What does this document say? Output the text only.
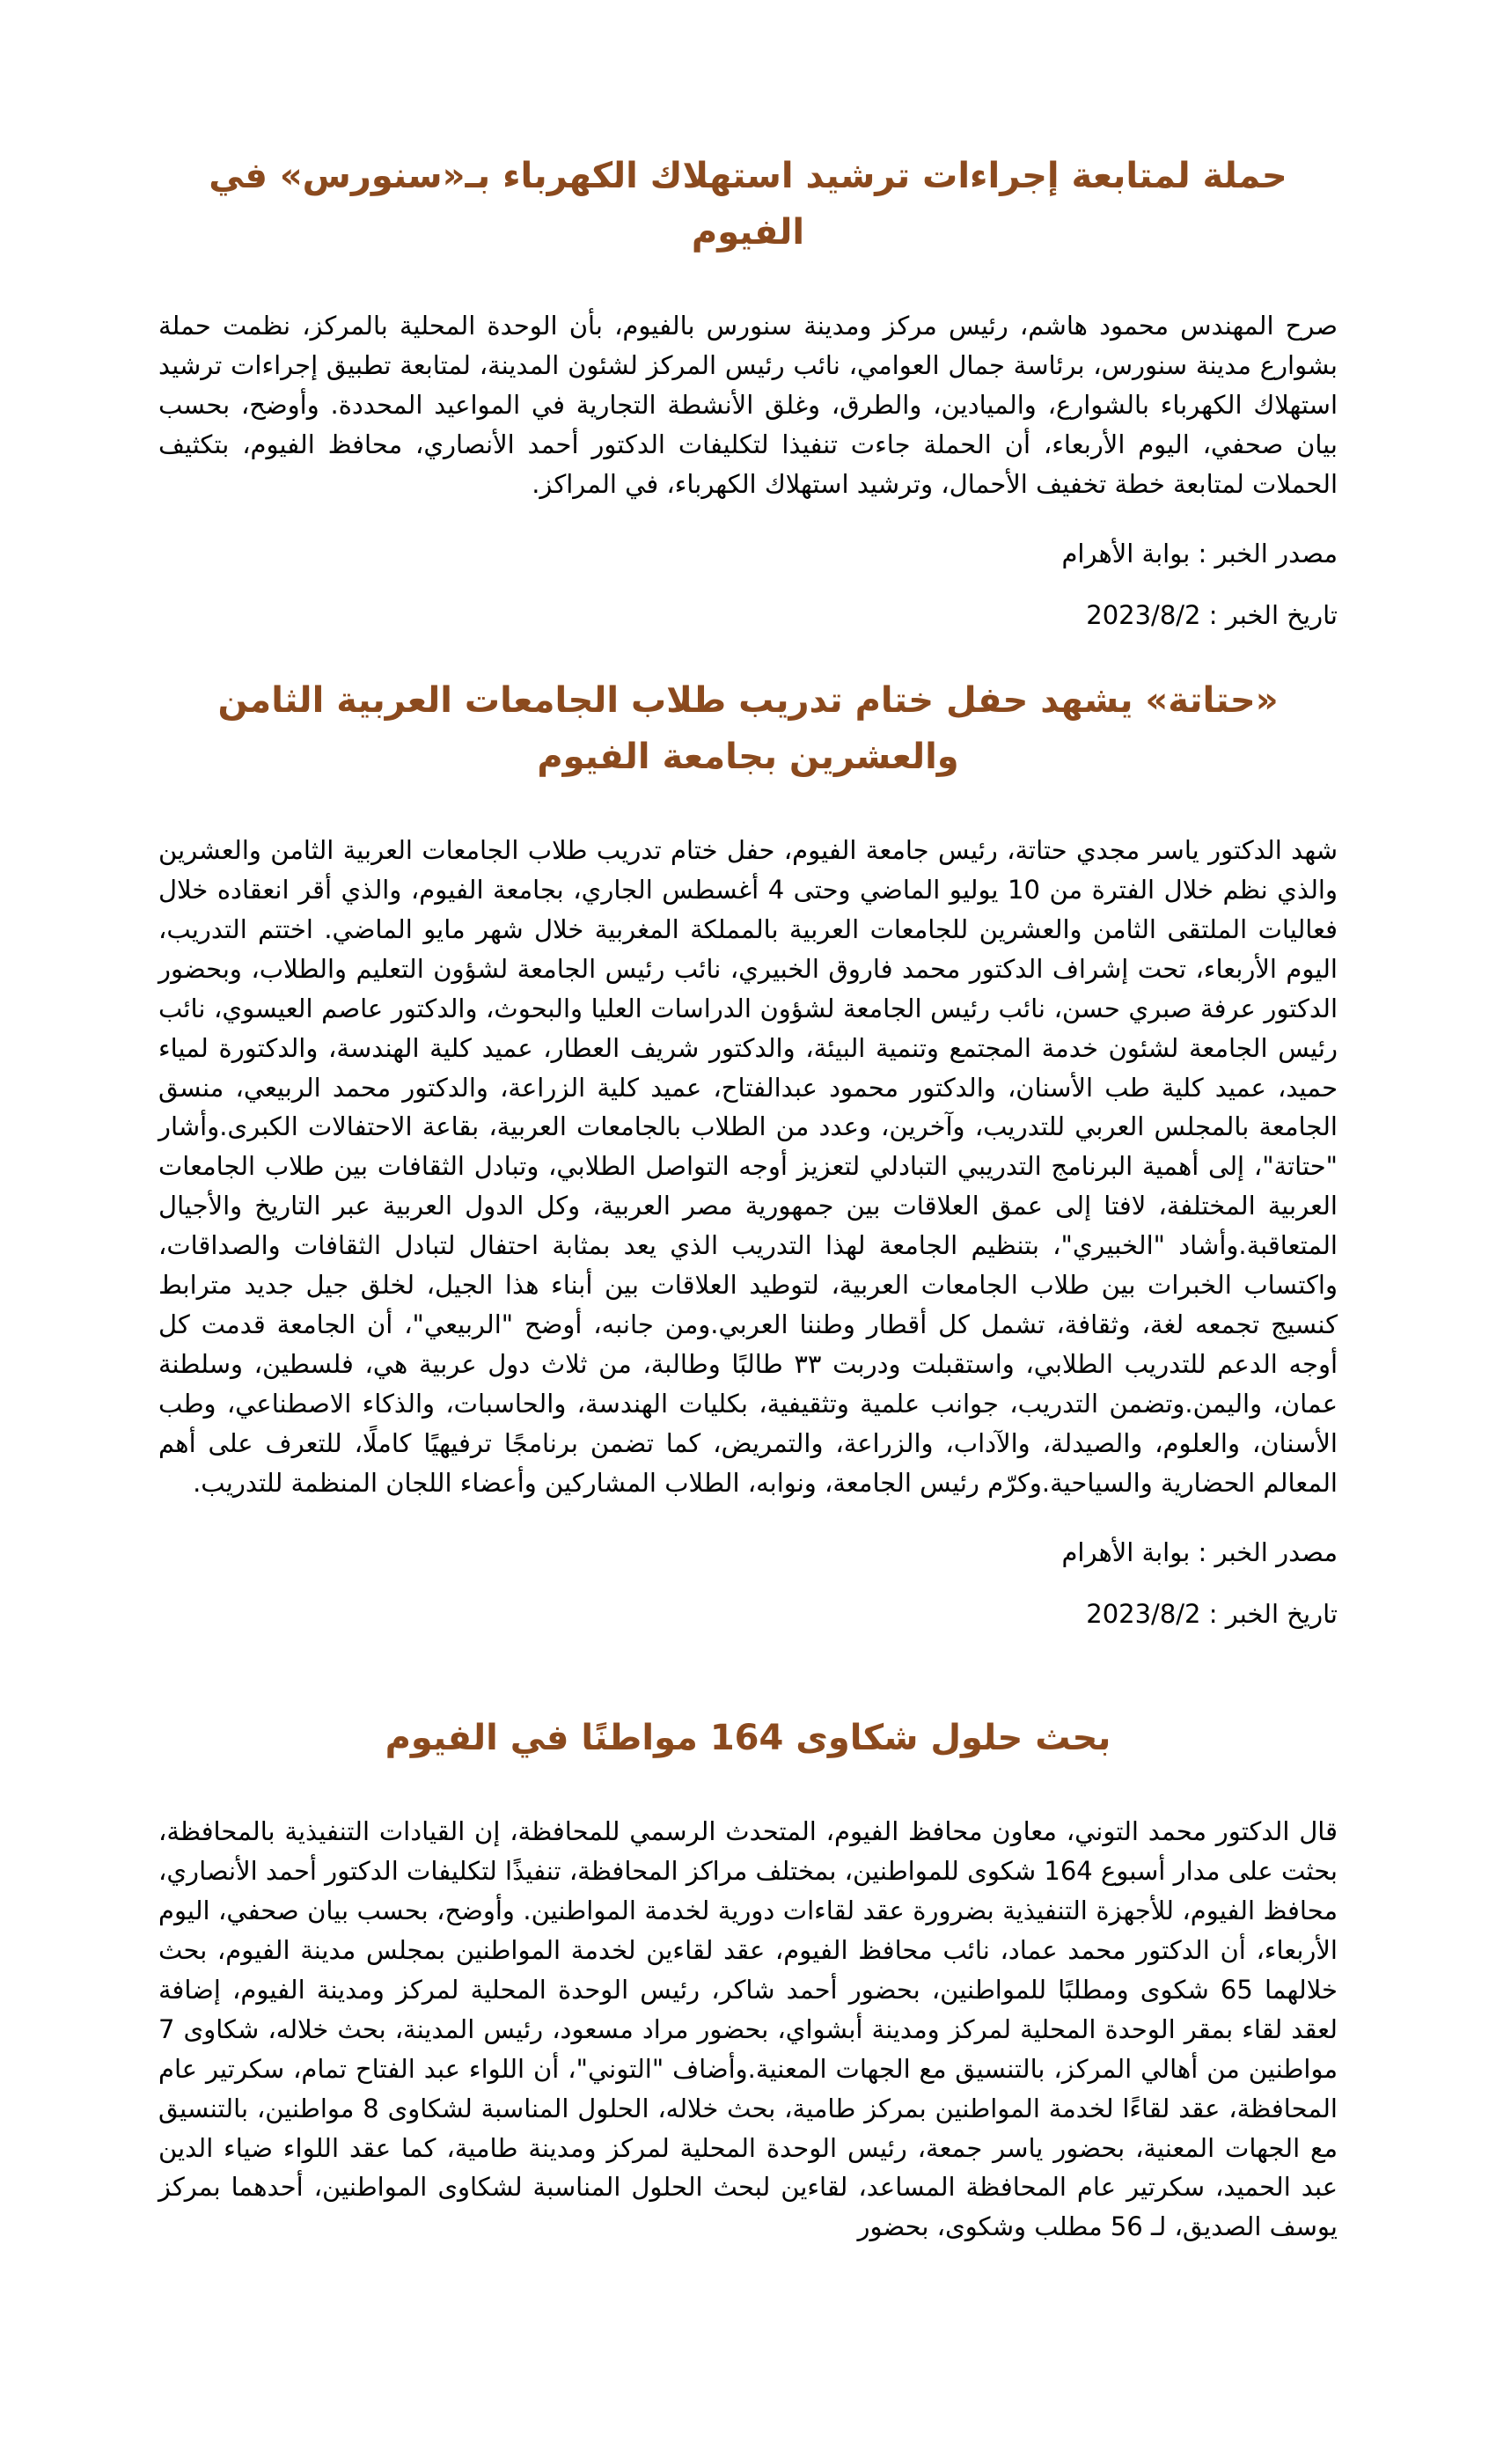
حملة لمتابعة إجراءات ترشيد استهلاك الكهرباء بـ«سنورس» في الفيوم

صرح المهندس محمود هاشم، رئيس مركز ومدينة سنورس بالفيوم، بأن الوحدة المحلية بالمركز، نظمت حملة بشوارع مدينة سنورس، برئاسة جمال العوامي، نائب رئيس المركز لشئون المدينة، لمتابعة تطبيق إجراءات ترشيد استهلاك الكهرباء بالشوارع، والميادين، والطرق، وغلق الأنشطة التجارية في المواعيد المحددة. وأوضح، بحسب بيان صحفي، اليوم الأربعاء، أن الحملة جاءت تنفيذا لتكليفات الدكتور أحمد الأنصاري، محافظ الفيوم، بتكثيف الحملات لمتابعة خطة تخفيف الأحمال، وترشيد استهلاك الكهرباء، في المراكز.

مصدر الخبر : بوابة الأهرام

تاريخ الخبر : 2023/8/2

«حتاتة» يشهد حفل ختام تدريب طلاب الجامعات العربية الثامن والعشرين بجامعة الفيوم

شهد الدكتور ياسر مجدي حتاتة، رئيس جامعة الفيوم، حفل ختام تدريب طلاب الجامعات العربية الثامن والعشرين والذي نظم خلال الفترة من 10 يوليو الماضي وحتى 4 أغسطس الجاري، بجامعة الفيوم، والذي أقر انعقاده خلال فعاليات الملتقى الثامن والعشرين للجامعات العربية بالمملكة المغربية خلال شهر مايو الماضي. اختتم التدريب، اليوم الأربعاء، تحت إشراف الدكتور محمد فاروق الخبيري، نائب رئيس الجامعة لشؤون التعليم والطلاب، وبحضور الدكتور عرفة صبري حسن، نائب رئيس الجامعة لشؤون الدراسات العليا والبحوث، والدكتور عاصم العيسوي، نائب رئيس الجامعة لشئون خدمة المجتمع وتنمية البيئة، والدكتور شريف العطار، عميد كلية الهندسة، والدكتورة لمياء حميد، عميد كلية طب الأسنان، والدكتور محمود عبدالفتاح، عميد كلية الزراعة، والدكتور محمد الربيعي، منسق الجامعة بالمجلس العربي للتدريب، وآخرين، وعدد من الطلاب بالجامعات العربية، بقاعة الاحتفالات الكبرى.وأشار "حتاتة"، إلى أهمية البرنامج التدريبي التبادلي لتعزيز أوجه التواصل الطلابي، وتبادل الثقافات بين طلاب الجامعات العربية المختلفة، لافتا إلى عمق العلاقات بين جمهورية مصر العربية، وكل الدول العربية عبر التاريخ والأجيال المتعاقبة.وأشاد "الخبيري"، بتنظيم الجامعة لهذا التدريب الذي يعد بمثابة احتفال لتبادل الثقافات والصداقات، واكتساب الخبرات بين طلاب الجامعات العربية، لتوطيد العلاقات بين أبناء هذا الجيل، لخلق جيل جديد مترابط كنسيج تجمعه لغة، وثقافة، تشمل كل أقطار وطننا العربي.ومن جانبه، أوضح "الربيعي"، أن الجامعة قدمت كل أوجه الدعم للتدريب الطلابي، واستقبلت ودربت ٣٣ طالبًا وطالبة، من ثلاث دول عربية هي، فلسطين، وسلطنة عمان، واليمن.وتضمن التدريب، جوانب علمية وتثقيفية، بكليات الهندسة، والحاسبات، والذكاء الاصطناعي، وطب الأسنان، والعلوم، والصيدلة، والآداب، والزراعة، والتمريض، كما تضمن برنامجًا ترفيهيًا كاملًا، للتعرف على أهم المعالم الحضارية والسياحية.وكرّم رئيس الجامعة، ونوابه، الطلاب المشاركين وأعضاء اللجان المنظمة للتدريب.

مصدر الخبر : بوابة الأهرام

تاريخ الخبر : 2023/8/2

بحث حلول شكاوى 164 مواطنًا في الفيوم

قال الدكتور محمد التوني، معاون محافظ الفيوم، المتحدث الرسمي للمحافظة، إن القيادات التنفيذية بالمحافظة، بحثت على مدار أسبوع 164 شكوى للمواطنين، بمختلف مراكز المحافظة، تنفيذًا لتكليفات الدكتور أحمد الأنصاري، محافظ الفيوم، للأجهزة التنفيذية بضرورة عقد لقاءات دورية لخدمة المواطنين. وأوضح، بحسب بيان صحفي، اليوم الأربعاء، أن الدكتور محمد عماد، نائب محافظ الفيوم، عقد لقاءين لخدمة المواطنين بمجلس مدينة الفيوم، بحث خلالهما 65 شكوى ومطلبًا للمواطنين، بحضور أحمد شاكر، رئيس الوحدة المحلية لمركز ومدينة الفيوم، إضافة لعقد لقاء بمقر الوحدة المحلية لمركز ومدينة أبشواي، بحضور مراد مسعود، رئيس المدينة، بحث خلاله، شكاوى 7 مواطنين من أهالي المركز، بالتنسيق مع الجهات المعنية.وأضاف "التوني"، أن اللواء عبد الفتاح تمام، سكرتير عام المحافظة، عقد لقاءًا لخدمة المواطنين بمركز طامية، بحث خلاله، الحلول المناسبة لشكاوى 8 مواطنين، بالتنسيق مع الجهات المعنية، بحضور ياسر جمعة، رئيس الوحدة المحلية لمركز ومدينة طامية، كما عقد اللواء ضياء الدين عبد الحميد، سكرتير عام المحافظة المساعد، لقاءين لبحث الحلول المناسبة لشكاوى المواطنين، أحدهما بمركز يوسف الصديق، لـ 56 مطلب وشكوى، بحضور
